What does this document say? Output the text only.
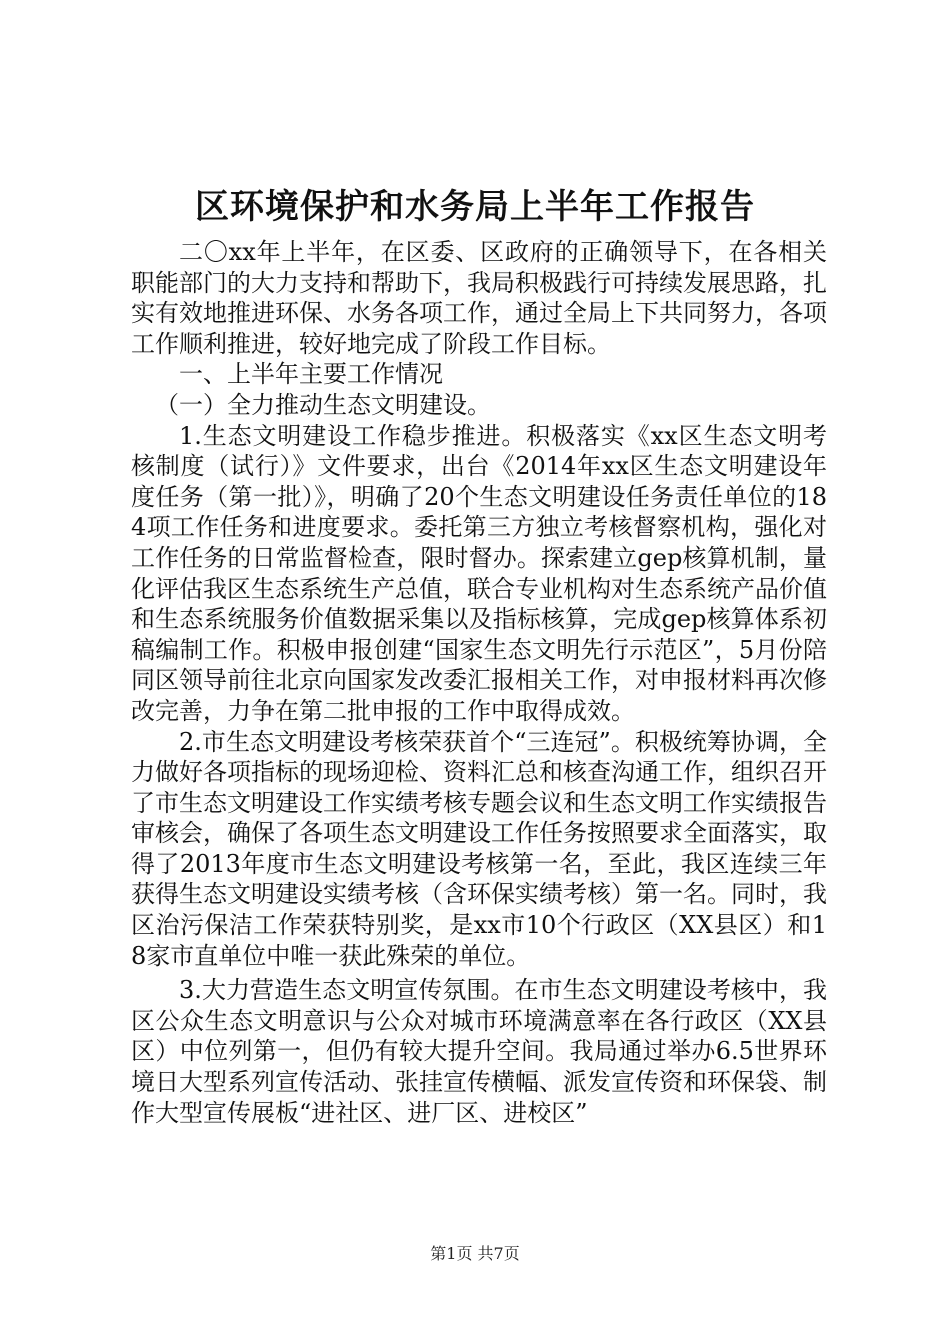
区环境保护和水务局上半年工作报告

二〇xx年上半年，在区委、区政府的正确领导下，在各相关职能部门的大力支持和帮助下，我局积极践行可持续发展思路，扎实有效地推进环保、水务各项工作，通过全局上下共同努力，各项工作顺利推进，较好地完成了阶段工作目标。

一、上半年主要工作情况

（一）全力推动生态文明建设。

1.生态文明建设工作稳步推进。积极落实《xx区生态文明考核制度（试行）》文件要求，出台《2014年xx区生态文明建设年度任务（第一批）》，明确了20个生态文明建设任务责任单位的184项工作任务和进度要求。委托第三方独立考核督察机构，强化对工作任务的日常监督检查，限时督办。探索建立gep核算机制，量化评估我区生态系统生产总值，联合专业机构对生态系统产品价值和生态系统服务价值数据采集以及指标核算，完成gep核算体系初稿编制工作。积极申报创建“国家生态文明先行示范区”，5月份陪同区领导前往北京向国家发改委汇报相关工作，对申报材料再次修改完善，力争在第二批申报的工作中取得成效。

2.市生态文明建设考核荣获首个“三连冠”。积极统筹协调，全力做好各项指标的现场迎检、资料汇总和核查沟通工作，组织召开了市生态文明建设工作实绩考核专题会议和生态文明工作实绩报告审核会，确保了各项生态文明建设工作任务按照要求全面落实，取得了2013年度市生态文明建设考核第一名，至此，我区连续三年获得生态文明建设实绩考核（含环保实绩考核）第一名。同时，我区治污保洁工作荣获特别奖，是xx市10个行政区（XX县区）和18家市直单位中唯一获此殊荣的单位。

3.大力营造生态文明宣传氛围。在市生态文明建设考核中，我区公众生态文明意识与公众对城市环境满意率在各行政区（XX县区）中位列第一，但仍有较大提升空间。我局通过举办6.5世界环境日大型系列宣传活动、张挂宣传横幅、派发宣传资和环保袋、制作大型宣传展板“进社区、进厂区、进校区”

第1页 共7页
